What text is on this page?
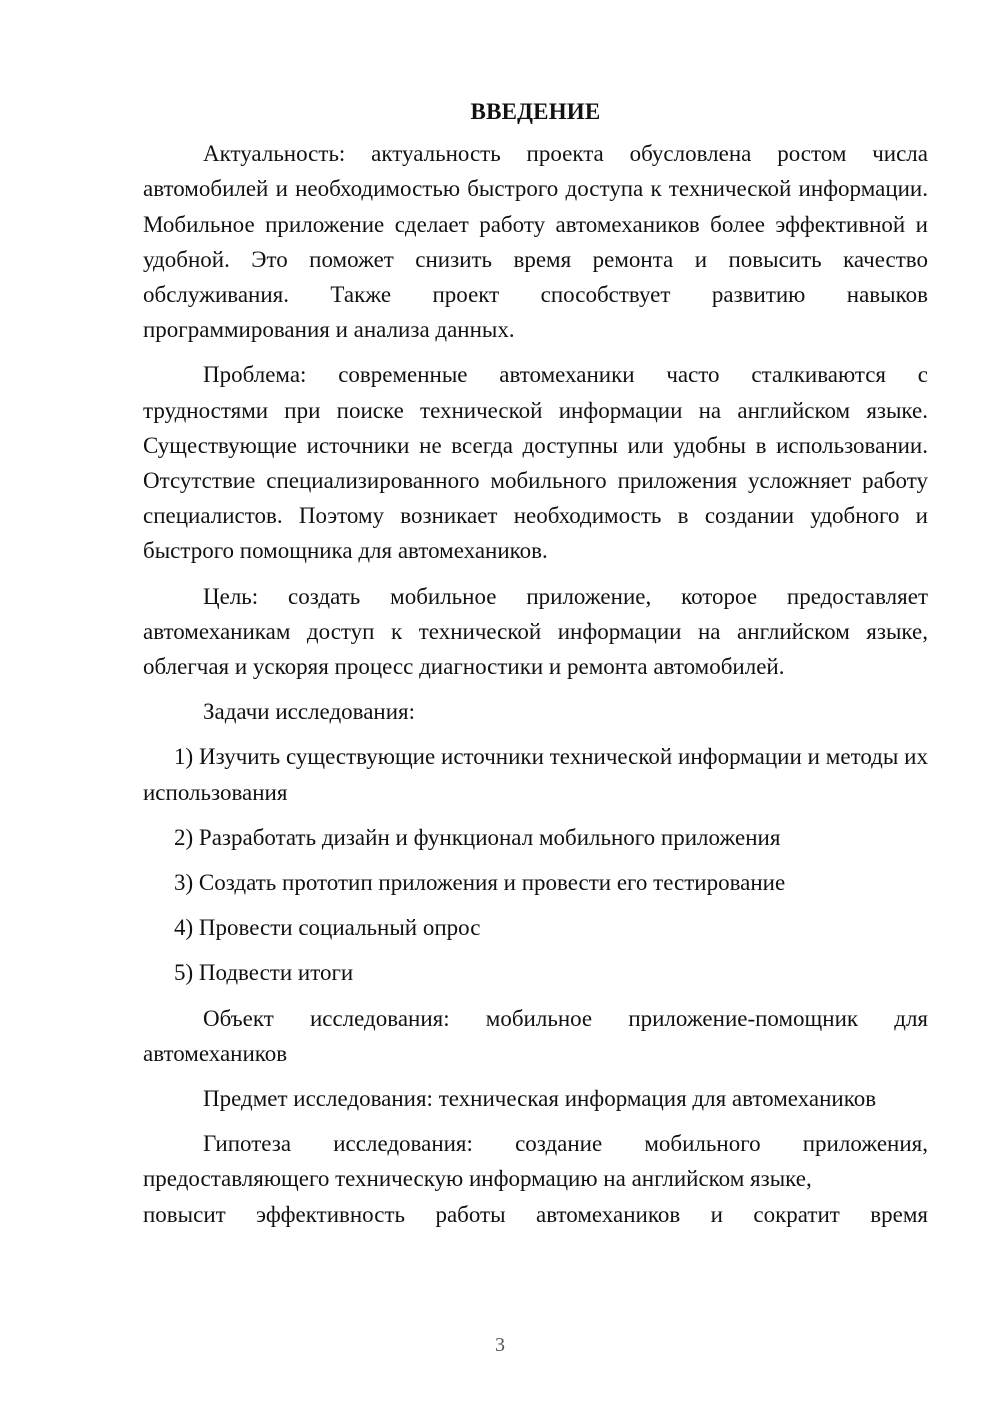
ВВЕДЕНИЕ

Актуальность: актуальность проекта обусловлена ростом числа автомобилей и необходимостью быстрого доступа к технической информации. Мобильное приложение сделает работу автомехаников более эффективной и удобной. Это поможет снизить время ремонта и повысить качество обслуживания. Также проект способствует развитию навыков программирования и анализа данных.

Проблема: современные автомеханики часто сталкиваются с трудностями при поиске технической информации на английском языке. Существующие источники не всегда доступны или удобны в использовании. Отсутствие специализированного мобильного приложения усложняет работу специалистов. Поэтому возникает необходимость в создании удобного и быстрого помощника для автомехаников.

Цель: создать мобильное приложение, которое предоставляет автомеханикам доступ к технической информации на английском языке, облегчая и ускоряя процесс диагностики и ремонта автомобилей.

Задачи исследования:

1) Изучить существующие источники технической информации и методы их использования

2) Разработать дизайн и функционал мобильного приложения

3) Создать прототип приложения и провести его тестирование

4) Провести социальный опрос

5) Подвести итоги

Объект исследования: мобильное приложение-помощник для автомехаников

Предмет исследования: техническая информация для автомехаников

Гипотеза исследования: создание мобильного приложения, предоставляющего техническую информацию на английском языке,

повысит эффективность работы автомехаников и сократит время

3
